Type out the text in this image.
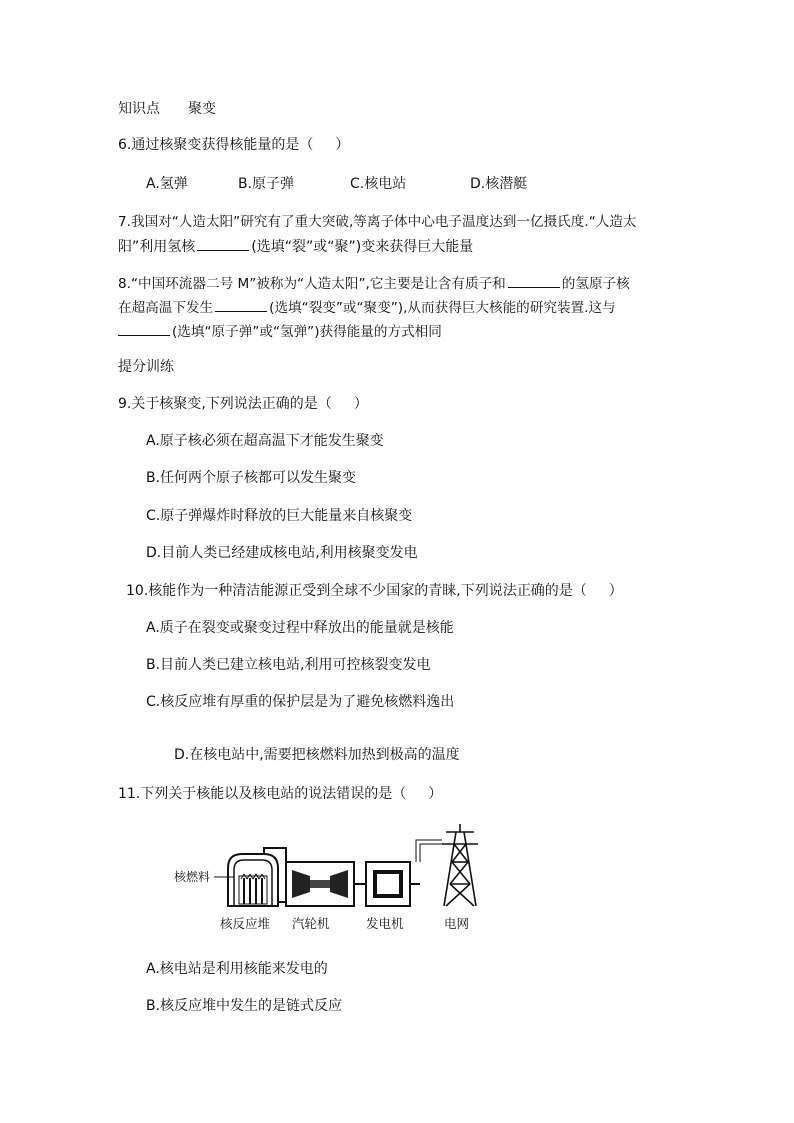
知识点　　聚变
6.通过核聚变获得核能量的是（ ）
A.氢弹	B.原子弹	C.核电站	D.核潜艇
7.我国对“人造太阳”研究有了重大突破,等离子体中心电子温度达到一亿摄氏度.“人造太
阳”利用氢核	(选填“裂”或“聚”)变来获得巨大能量
8.“中国环流器二号 M”被称为“人造太阳”,它主要是让含有质子和	的氢原子核
在超高温下发生	(选填“裂变”或“聚变”),从而获得巨大核能的研究装置.这与
(选填“原子弹”或“氢弹”)获得能量的方式相同
提分训练
9.关于核聚变,下列说法正确的是（ ）
A.原子核必须在超高温下才能发生聚变
B.任何两个原子核都可以发生聚变
C.原子弹爆炸时释放的巨大能量来自核聚变
D.目前人类已经建成核电站,利用核聚变发电
10.核能作为一种清洁能源正受到全球不少国家的青睐,下列说法正确的是（ ）
A.质子在裂变或聚变过程中释放出的能量就是核能
B.目前人类已建立核电站,利用可控核裂变发电
C.核反应堆有厚重的保护层是为了避免核燃料逸出
D.在核电站中,需要把核燃料加热到极高的温度
11.下列关于核能以及核电站的说法错误的是（ ）
核燃料
核反应堆 汽轮机	发电机	电网
A.核电站是利用核能来发电的
B.核反应堆中发生的是链式反应
